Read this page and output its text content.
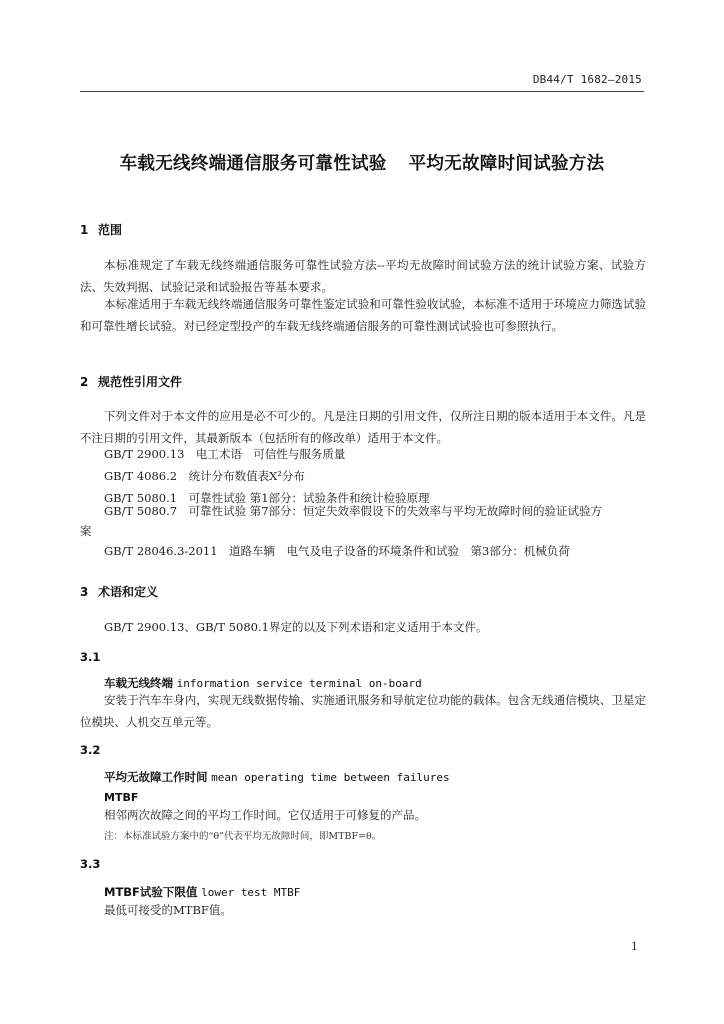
DB44/T 1682—2015
车载无线终端通信服务可靠性试验 平均无故障时间试验方法
1 范围
本标准规定了车载无线终端通信服务可靠性试验方法--平均无故障时间试验方法的统计试验方案、试验方法、失效判据、试验记录和试验报告等基本要求。
本标准适用于车载无线终端通信服务可靠性鉴定试验和可靠性验收试验，本标准不适用于环境应力筛选试验和可靠性增长试验。对已经定型投产的车载无线终端通信服务的可靠性测试试验也可参照执行。
2 规范性引用文件
下列文件对于本文件的应用是必不可少的。凡是注日期的引用文件，仅所注日期的版本适用于本文件。凡是不注日期的引用文件，其最新版本（包括所有的修改单）适用于本文件。
GB/T 2900.13　电工术语　可信性与服务质量
GB/T 4086.2　统计分布数值表X²分布
GB/T 5080.1　可靠性试验 第1部分：试验条件和统计检验原理
GB/T 5080.7　可靠性试验 第7部分：恒定失效率假设下的失效率与平均无故障时间的验证试验方
案
GB/T 28046.3-2011　道路车辆　电气及电子设备的环境条件和试验　第3部分：机械负荷
3 术语和定义
GB/T 2900.13、GB/T 5080.1界定的以及下列术语和定义适用于本文件。
3.1
车载无线终端 information service terminal on-board
安装于汽车车身内，实现无线数据传输、实施通讯服务和导航定位功能的载体。包含无线通信模块、卫星定位模块、人机交互单元等。
3.2
平均无故障工作时间 mean operating time between failures
MTBF
相邻两次故障之间的平均工作时间。它仅适用于可修复的产品。
注：本标准试验方案中的“θ”代表平均无故障时间，即MTBF=θ。
3.3
MTBF试验下限值 lower test MTBF
最低可接受的MTBF值。
1
